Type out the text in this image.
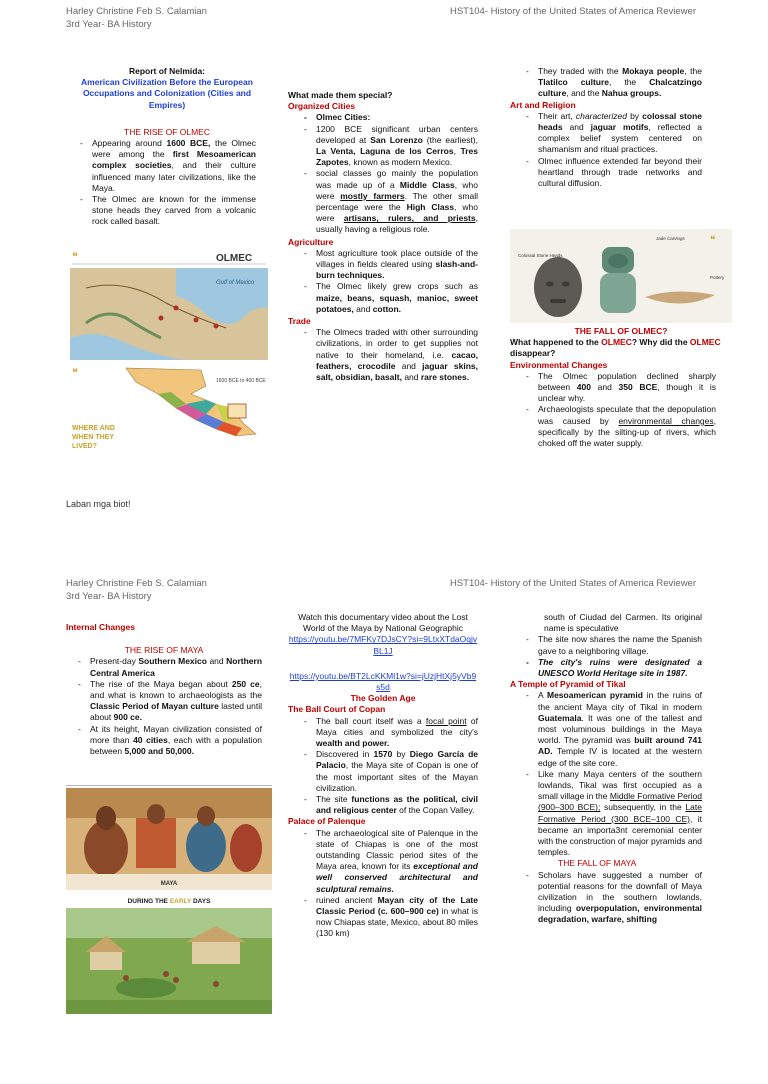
Harley Christine Feb S. Calamian
3rd Year- BA History
HST104- History of the United States of America Reviewer
Report of Nelmida:
American Civilization Before the European Occupations and Colonization (Cities and Empires)
THE RISE OF OLMEC
- Appearing around 1600 BCE, the Olmec were among the first Mesoamerican complex societies, and their culture influenced many later civilizations, like the Maya.
- The Olmec are known for the immense stone heads they carved from a volcanic rock called basalt.
❝	OLMEC
Gulf of Mexico
❝
1600 BCE to 400 BCE
WHERE AND WHEN THEY LIVED?
What made them special?
Organized Cities
- Olmec Cities:
- 1200 BCE significant urban centers developed at San Lorenzo (the earliest), La Venta, Laguna de los Cerros, Tres Zapotes, known as modern Mexico.
- social classes go mainly the population was made up of a Middle Class, who were mostly farmers. The other small percentage were the High Class, who were artisans, rulers, and priests, usually having a religious role.
Agriculture
- Most agriculture took place outside of the villages in fields cleared using slash-and-burn techniques.
- The Olmec likely grew crops such as maize, beans, squash, manioc, sweet potatoes, and cotton.
Trade
- The Olmecs traded with other surrounding civilizations, in order to get supplies not native to their homeland, i.e. cacao, feathers, crocodile and jaguar skins, salt, obsidian, basalt, and rare stones.
- They traded with the Mokaya people, the Tlatilco culture, the Chalcatzingo culture, and the Nahua groups.
Art and Religion
- Their art, characterized by colossal stone heads and jaguar motifs, reflected a complex belief system centered on shamanism and ritual practices.
- Olmec influence extended far beyond their heartland through trade networks and cultural diffusion.
Jade Carvings
Colossal Stone Heads
Pottery
❝
THE FALL OF OLMEC?
What happened to the OLMEC? Why did the OLMEC disappear?
Environmental Changes
- The Olmec population declined sharply between 400 and 350 BCE, though it is unclear why.
- Archaeologists speculate that the depopulation was caused by environmental changes, specifically by the silting-up of rivers, which choked off the water supply.
Laban mga biot!
Harley Christine Feb S. Calamian
3rd Year- BA History
HST104- History of the United States of America Reviewer
Internal Changes
THE RISE OF MAYA
- Present-day Southern Mexico and Northern Central America
- The rise of the Maya began about 250 ce, and what is known to archaeologists as the Classic Period of Mayan culture lasted until about 900 ce.
- At its height, Mayan civilization consisted of more than 40 cities, each with a population between 5,000 and 50,000.
MAYA
DURING THE EARLY DAYS
Watch this documentary video about the Lost World of the Maya by National Geographic
https://youtu.be/7MFKy7DJsCY?si=9LtxXTdaOqjvBL1J
https://youtu.be/BT2LcKKMl1w?si=jUzjHtXj5yVb9s5d
The Golden Age
The Ball Court of Copan
- The ball court itself was a focal point of Maya cities and symbolized the city's wealth and power.
- Discovered in 1570 by Diego García de Palacio, the Maya site of Copan is one of the most important sites of the Mayan civilization.
- The site functions as the political, civil and religious center of the Copan Valley.
Palace of Palenque
- The archaeological site of Palenque in the state of Chiapas is one of the most outstanding Classic period sites of the Maya area, known for its exceptional and well conserved architectural and sculptural remains.
- ruined ancient Mayan city of the Late Classic Period (c. 600–900 ce) in what is now Chiapas state, Mexico, about 80 miles (130 km)
south of Ciudad del Carmen. Its original name is speculative
- The site now shares the name the Spanish gave to a neighboring village.
- The city's ruins were designated a UNESCO World Heritage site in 1987.
A Temple of Pyramid of Tikal
- A Mesoamerican pyramid in the ruins of the ancient Maya city of Tikal in modern Guatemala. It was one of the tallest and most voluminous buildings in the Maya world. The pyramid was built around 741 AD. Temple IV is located at the western edge of the site core.
- Like many Maya centers of the southern lowlands, Tikal was first occupied as a small village in the Middle Formative Period (900–300 BCE); subsequently, in the Late Formative Period (300 BCE–100 CE), it became an importa3nt ceremonial center with the construction of major pyramids and temples.
THE FALL OF MAYA
- Scholars have suggested a number of potential reasons for the downfall of Maya civilization in the southern lowlands, including overpopulation, environmental degradation, warfare, shifting
